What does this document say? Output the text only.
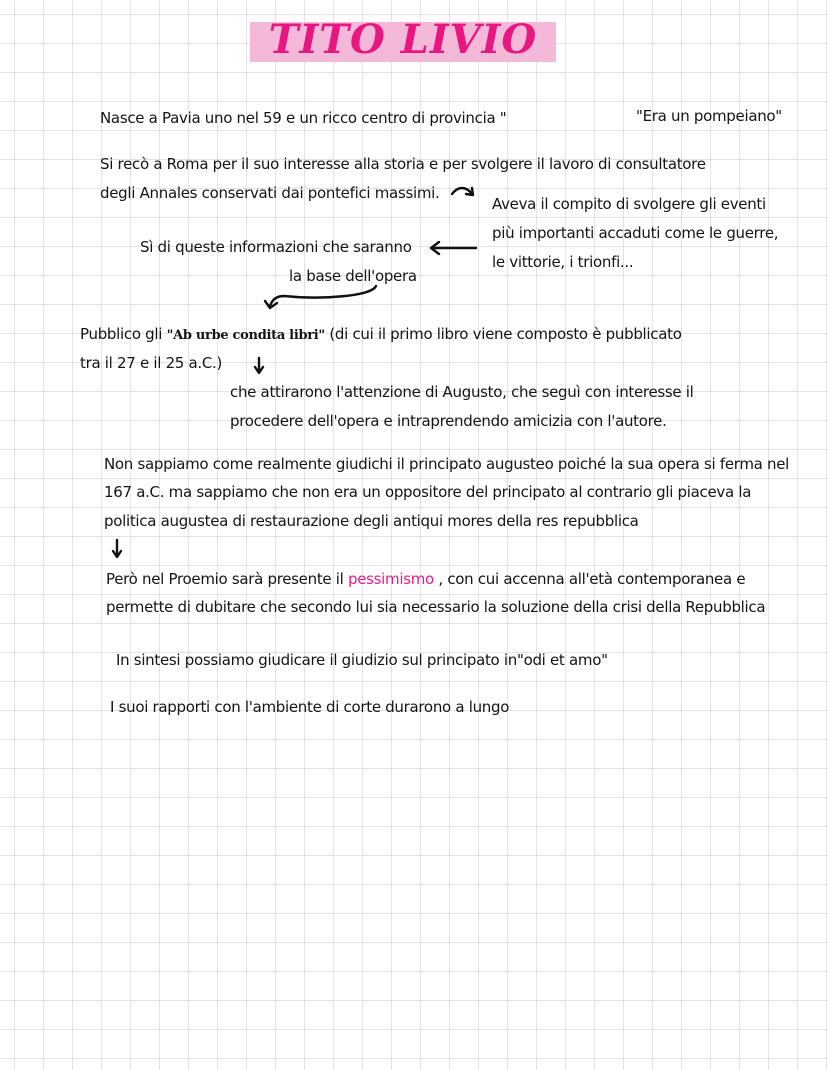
TITO LIVIO
Nasce a Pavia uno nel 59 e un ricco centro di provincia "	"Era un pompeiano"
Si recò a Roma per il suo interesse alla storia e per svolgere il lavoro di consultatore
degli Annales conservati dai pontefici massimi.
Aveva il compito di svolgere gli eventi
più importanti accaduti come le guerre,
le vittorie, i trionfi...
Sì di queste informazioni che saranno
la base dell'opera
Pubblico gli "Ab urbe condita libri" (di cui il primo libro viene composto è pubblicato
tra il 27 e il 25 a.C.)
che attirarono l'attenzione di Augusto, che seguì con interesse il
procedere dell'opera e intraprendendo amicizia con l'autore.
Non sappiamo come realmente giudichi il principato augusteo poiché la sua opera si ferma nel
167 a.C. ma sappiamo che non era un oppositore del principato al contrario gli piaceva la
politica augustea di restaurazione degli antiqui mores della res repubblica
Però nel Proemio sarà presente il pessimismo , con cui accenna all'età contemporanea e
permette di dubitare che secondo lui sia necessario la soluzione della crisi della Repubblica
In sintesi possiamo giudicare il giudizio sul principato in"odi et amo"
I suoi rapporti con l'ambiente di corte durarono a lungo
